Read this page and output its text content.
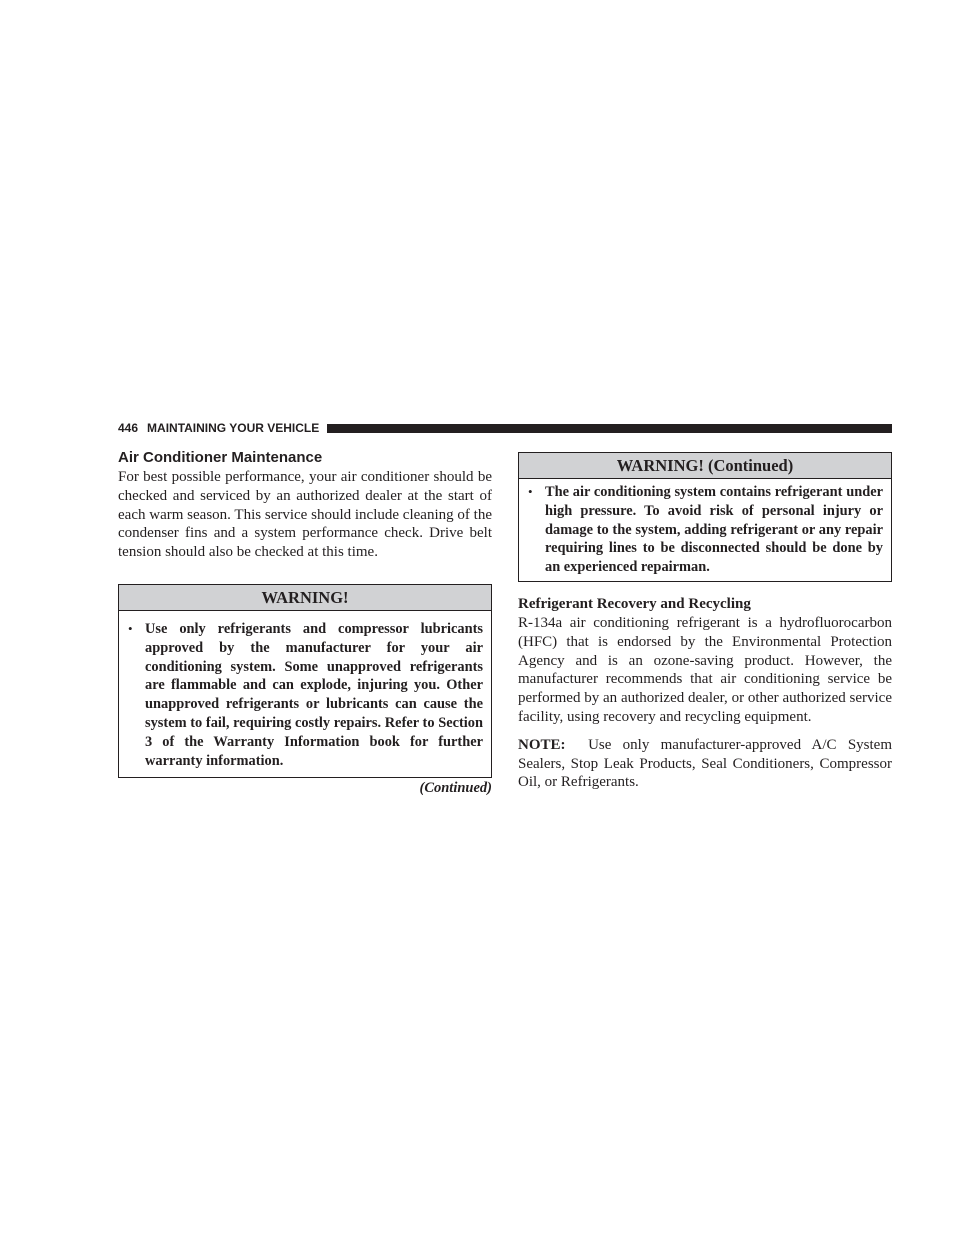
446 MAINTAINING YOUR VEHICLE
Air Conditioner Maintenance

For best possible performance, your air conditioner should be checked and serviced by an authorized dealer at the start of each warm season. This service should include cleaning of the condenser fins and a system performance check. Drive belt tension should also be checked at this time.

WARNING!
• Use only refrigerants and compressor lubricants approved by the manufacturer for your air conditioning system. Some unapproved refrigerants are flammable and can explode, injuring you. Other unapproved refrigerants or lubricants can cause the system to fail, requiring costly repairs. Refer to Section 3 of the Warranty Information book for further warranty information.
(Continued)
WARNING! (Continued)
• The air conditioning system contains refrigerant under high pressure. To avoid risk of personal injury or damage to the system, adding refrigerant or any repair requiring lines to be disconnected should be done by an experienced repairman.
Refrigerant Recovery and Recycling

R-134a air conditioning refrigerant is a hydrofluorocarbon (HFC) that is endorsed by the Environmental Protection Agency and is an ozone-saving product. However, the manufacturer recommends that air conditioning service be performed by an authorized dealer, or other authorized service facility, using recovery and recycling equipment.

NOTE: Use only manufacturer-approved A/C System Sealers, Stop Leak Products, Seal Conditioners, Compressor Oil, or Refrigerants.
